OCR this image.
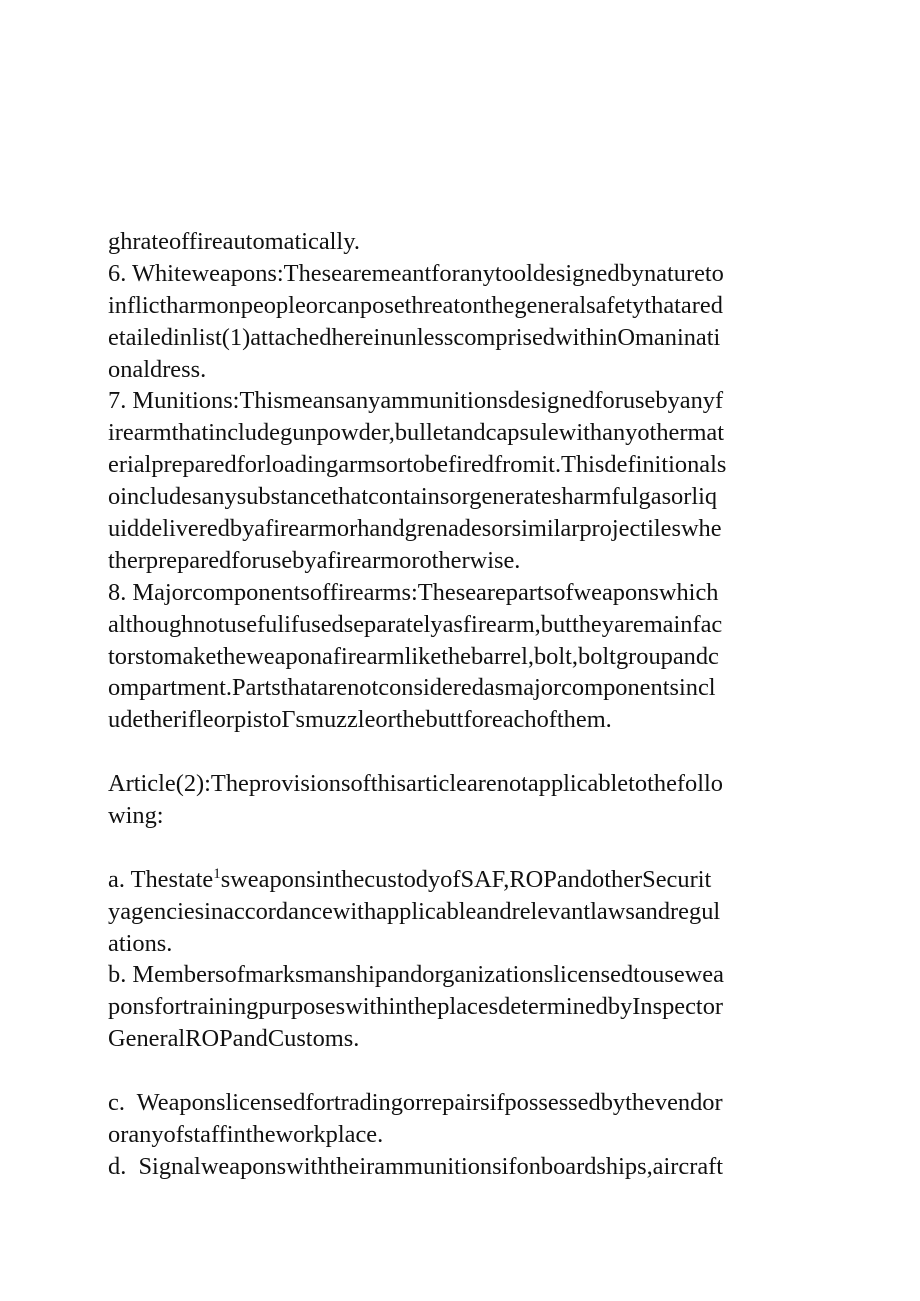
ghrateoffireautomatically.
6. Whiteweapons:Thesearemeantforanytooldesignedbynatureto
inflictharmonpeopleorcanposethreatonthegeneralsafetythatared
etailedinlist(1)attachedhereinunlesscomprisedwithinOmaninati
onaldress.
7. Munitions:Thismeansanyammunitionsdesignedforusebyanyf
irearmthatincludegunpowder,bulletandcapsulewithanyothermat
erialpreparedforloadingarmsortobefiredfromit.Thisdefinitionals
oincludesanysubstancethatcontainsorgeneratesharmfulgasorliq
uiddeliveredbyafirearmorhandgrenadesorsimilarprojectileswhe
therpreparedforusebyafirearmorotherwise.
8. Majorcomponentsoffirearms:Thesearepartsofweaponswhich
althoughnotusefulifusedseparatelyasfirearm,buttheyaremainfac
torstomaketheweaponafirearmlikethebarrel,bolt,boltgroupandc
ompartment.Partsthatarenotconsideredasmajorcomponentsincl
udetherifleorpistoΓsmuzzleorthebuttforeachofthem.
Article(2):Theprovisionsofthisarticlearenotapplicabletothefollo
wing:
a. Thestate$^1$sweaponsinthecustodyofSAF,ROPandotherSecurit
yagenciesinaccordancewithapplicableandrelevantlawsandregul
ations.
b. Membersofmarksmanshipandorganizationslicensedtousewea
ponsfortrainingpurposeswithintheplacesdeterminedbyInspector
GeneralROPandCustoms.
c.  Weaponslicensedfortradingorrepairsifpossessedbythevendor
oranyofstaffintheworkplace.
d.  Signalweaponswiththeirammunitionsifonboardships,aircraft
